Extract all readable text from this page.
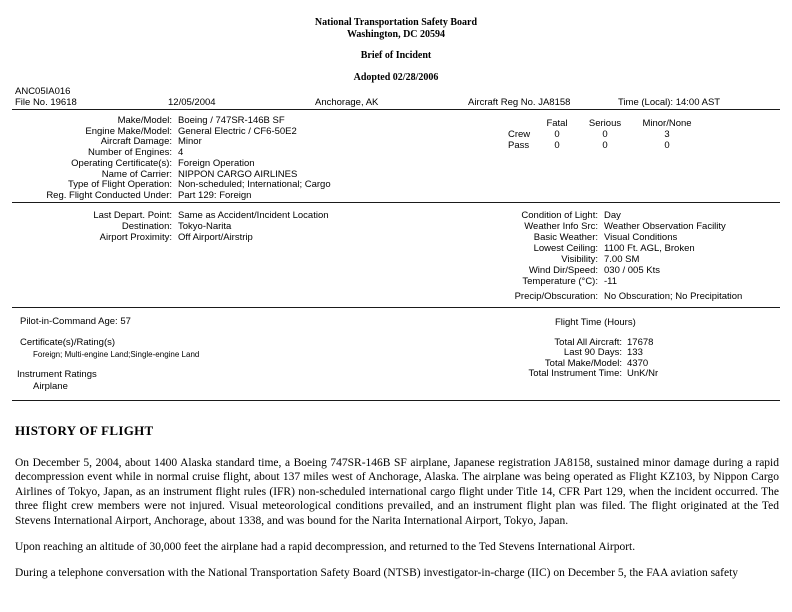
National Transportation Safety Board
Washington, DC 20594
Brief of Incident
Adopted 02/28/2006
ANC05IA016
File No. 19618	12/05/2004	Anchorage, AK	Aircraft Reg No. JA8158	Time (Local): 14:00 AST
Make/Model: Boeing / 747SR-146B SF
Engine Make/Model: General Electric / CF6-50E2
Aircraft Damage: Minor
Number of Engines: 4
Operating Certificate(s): Foreign Operation
Name of Carrier: NIPPON CARGO AIRLINES
Type of Flight Operation: Non-scheduled; International; Cargo
Reg. Flight Conducted Under: Part 129: Foreign
Fatal	Serious	Minor/None
Crew	0	0	3
Pass	0	0	0
Last Depart. Point: Same as Accident/Incident Location
Destination: Tokyo-Narita
Airport Proximity: Off Airport/Airstrip
Condition of Light: Day
Weather Info Src: Weather Observation Facility
Basic Weather: Visual Conditions
Lowest Ceiling: 1100 Ft. AGL, Broken
Visibility: 7.00 SM
Wind Dir/Speed: 030 / 005 Kts
Temperature (°C): -11
Precip/Obscuration: No Obscuration; No Precipitation
Pilot-in-Command Age: 57
Certificate(s)/Rating(s)
Foreign; Multi-engine Land;Single-engine Land
Instrument Ratings
Airplane
Flight Time (Hours)
Total All Aircraft: 17678
Last 90 Days: 133
Total Make/Model: 4370
Total Instrument Time: UnK/Nr
HISTORY OF FLIGHT

On December 5, 2004, about 1400 Alaska standard time, a Boeing 747SR-146B SF airplane, Japanese registration JA8158, sustained minor damage during a rapid decompression event while in normal cruise flight, about 137 miles west of Anchorage, Alaska. The airplane was being operated as Flight KZ103, by Nippon Cargo Airlines of Tokyo, Japan, as an instrument flight rules (IFR) non-scheduled international cargo flight under Title 14, CFR Part 129, when the incident occurred. The three flight crew members were not injured. Visual meteorological conditions prevailed, and an instrument flight plan was filed. The flight originated at the Ted Stevens International Airport, Anchorage, about 1338, and was bound for the Narita International Airport, Tokyo, Japan.

Upon reaching an altitude of 30,000 feet the airplane had a rapid decompression, and returned to the Ted Stevens International Airport.

During a telephone conversation with the National Transportation Safety Board (NTSB) investigator-in-charge (IIC) on December 5, the FAA aviation safety
